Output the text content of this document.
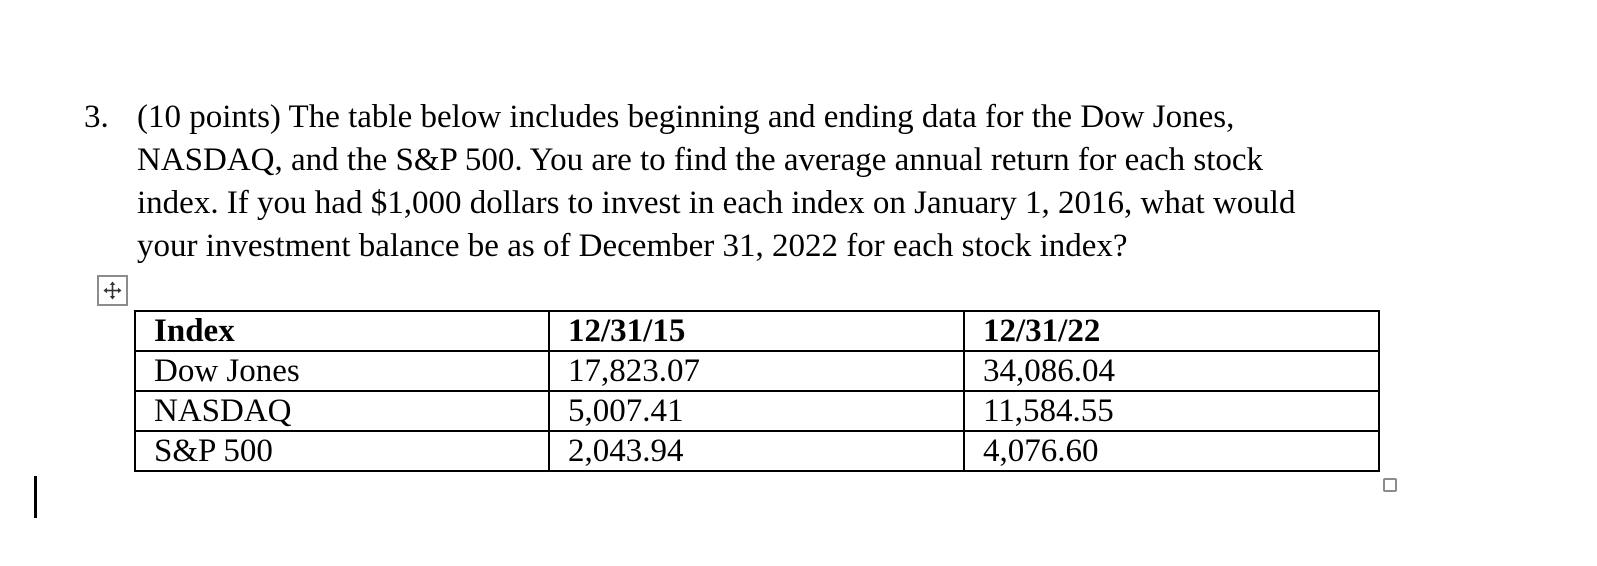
3. (10 points) The table below includes beginning and ending data for the Dow Jones,
NASDAQ, and the S&P 500. You are to find the average annual return for each stock
index. If you had $1,000 dollars to invest in each index on January 1, 2016, what would
your investment balance be as of December 31, 2022 for each stock index?
Index	12/31/15	12/31/22
Dow Jones	17,823.07	34,086.04
NASDAQ	5,007.41	11,584.55
S&P 500	2,043.94	4,076.60
